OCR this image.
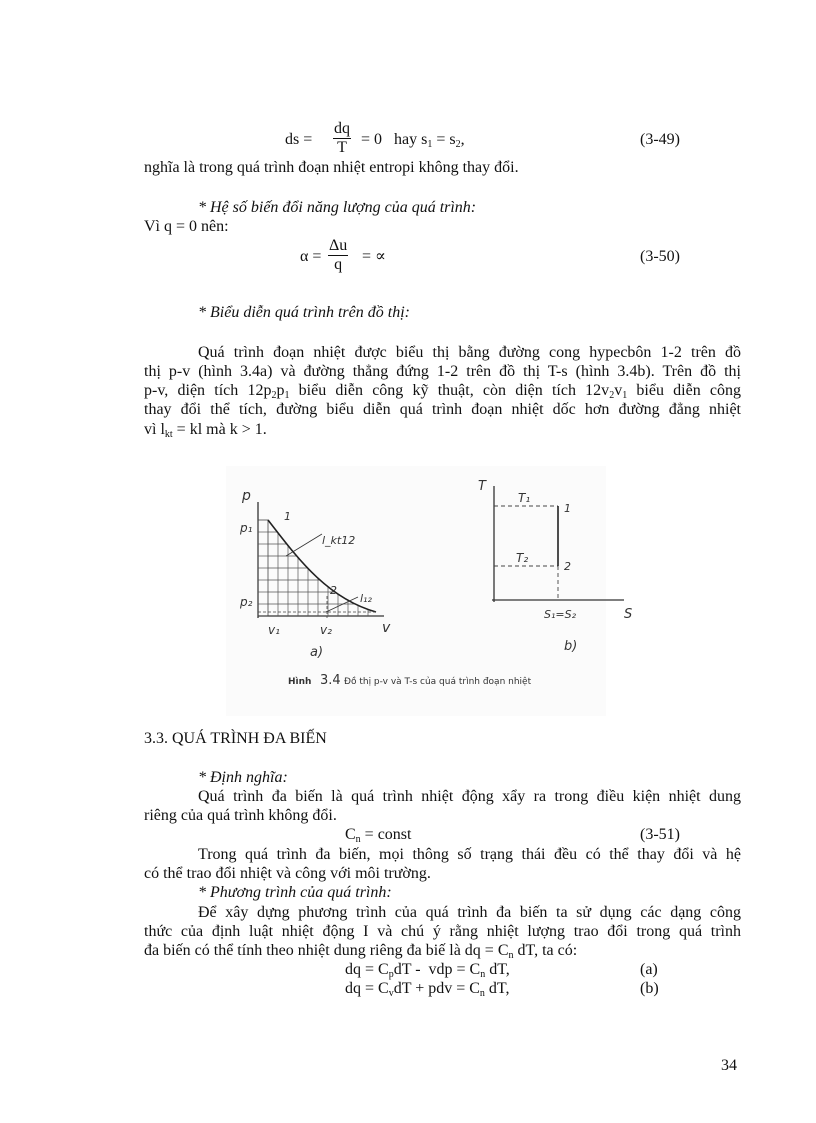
ds =
dq
T = 0   hay $s_1 = s_2$,	(3-49)
nghĩa là trong quá trình đoạn nhiệt entropi không thay đổi.
* Hệ số biến đổi năng lượng của quá trình:
Vì q = 0 nên:
α =
Δu
q	= ∝	(3-50)
* Biểu diễn quá trình trên đồ thị:
Quá trình đoạn nhiệt được biểu thị bằng đường cong hypecbôn 1-2 trên đồ
thị p-v (hình 3.4a) và đường thẳng đứng 1-2 trên đồ thị T-s (hình 3.4b). Trên đồ thị
p-v, diện tích $12p_2p_1$ biểu diễn công kỹ thuật, còn diện tích $12v_2v_1$ biểu diễn công
thay đổi thể tích, đường biểu diễn quá trình đoạn nhiệt dốc hơn đường đẳng nhiệt
vì $l_{kt}$ = kl mà k > 1.
p
p₁
p₂
1
2
l_kt12
l₁₂
v₁	v₂	v
a)
T
T₁
T₂
1
2
S
S₁=S₂
b)
Hình 3.4 Đồ thị p-v và T-s của quá trình đoạn nhiệt
3.3. QUÁ TRÌNH ĐA BIẾN
* Định nghĩa:
Quá trình đa biến là quá trình nhiệt động xẩy ra trong điều kiện nhiệt dung
riêng của quá trình không đổi.
$C_n$ = const	(3-51)
Trong quá trình đa biến, mọi thông số trạng thái đều có thể thay đổi và hệ
có thể trao đổi nhiệt và công với môi trường.
* Phương trình của quá trình:
Để xây dựng phương trình của quá trình đa biến ta sử dụng các dạng công
thức của định luật nhiệt động I và chú ý rằng nhiệt lượng trao đổi trong quá trình
đa biến có thể tính theo nhiệt dung riêng đa biế là dq = $C_n$ dT, ta có:
dq = $C_pdT$ -  vdp = $C_n$ dT,	(a)
dq = $C_vdT$ + pdv = $C_n$ dT,	(b)
34
